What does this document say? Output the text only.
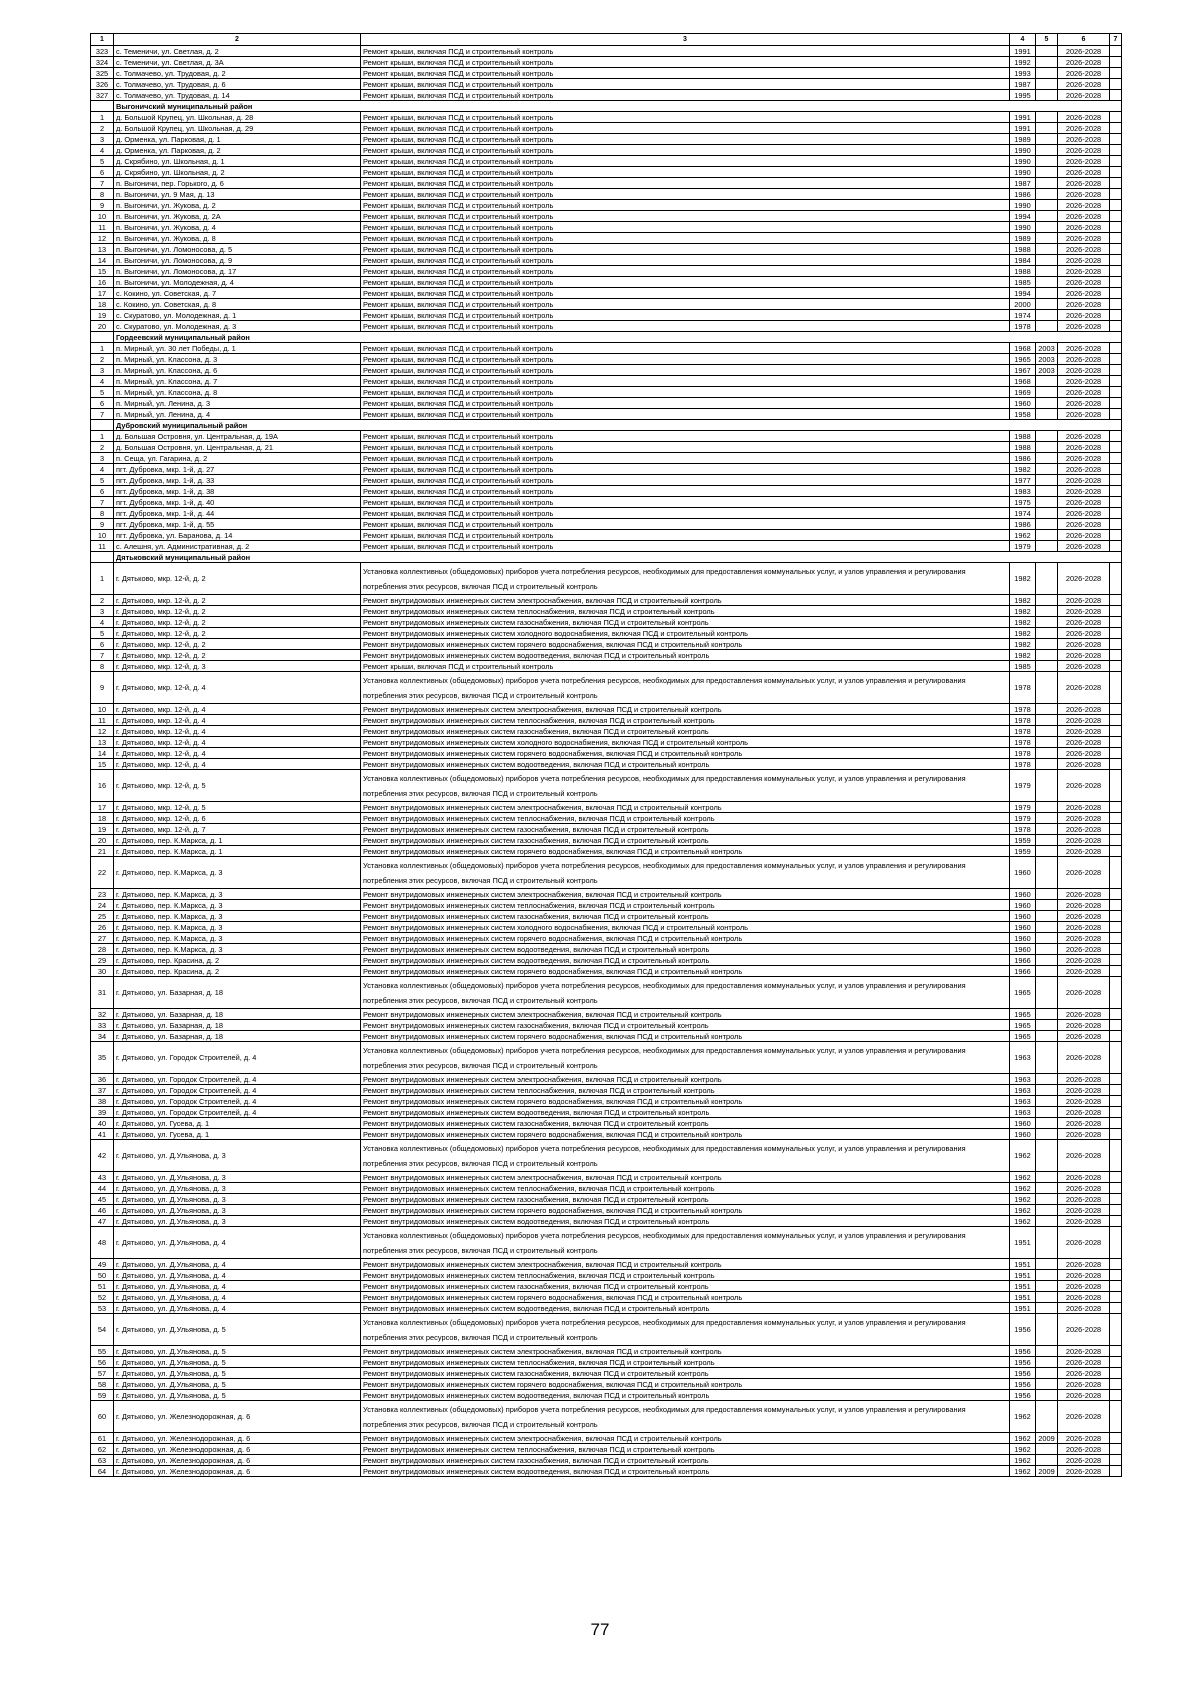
1	2	3	4	5	6	7
323	с. Теменичи, ул. Светлая, д. 2	Ремонт крыши, включая ПСД и строительный контроль	1991		2026-2028	
324	с. Теменичи, ул. Светлая, д. 3А	Ремонт крыши, включая ПСД и строительный контроль	1992		2026-2028	
325	с. Толмачево, ул. Трудовая, д. 2	Ремонт крыши, включая ПСД и строительный контроль	1993		2026-2028	
326	с. Толмачево, ул. Трудовая, д. 6	Ремонт крыши, включая ПСД и строительный контроль	1987		2026-2028	
327	с. Толмачево, ул. Трудовая, д. 14	Ремонт крыши, включая ПСД и строительный контроль	1995		2026-2028	
	Выгоничский муниципальный район					
1	д. Большой Крупец, ул. Школьная, д. 28	Ремонт крыши, включая ПСД и строительный контроль	1991		2026-2028	
2	д. Большой Крупец, ул. Школьная, д. 29	Ремонт крыши, включая ПСД и строительный контроль	1991		2026-2028	
3	д. Орменка, ул. Парковая, д. 1	Ремонт крыши, включая ПСД и строительный контроль	1989		2026-2028	
4	д. Орменка, ул. Парковая, д. 2	Ремонт крыши, включая ПСД и строительный контроль	1990		2026-2028	
5	д. Скрябино, ул. Школьная, д. 1	Ремонт крыши, включая ПСД и строительный контроль	1990		2026-2028	
6	д. Скрябино, ул. Школьная, д. 2	Ремонт крыши, включая ПСД и строительный контроль	1990		2026-2028	
7	п. Выгоничи, пер. Горького, д. 6	Ремонт крыши, включая ПСД и строительный контроль	1987		2026-2028	
8	п. Выгоничи, ул. 9 Мая, д. 13	Ремонт крыши, включая ПСД и строительный контроль	1986		2026-2028	
9	п. Выгоничи, ул. Жукова, д. 2	Ремонт крыши, включая ПСД и строительный контроль	1990		2026-2028	
10	п. Выгоничи, ул. Жукова, д. 2А	Ремонт крыши, включая ПСД и строительный контроль	1994		2026-2028	
11	п. Выгоничи, ул. Жукова, д. 4	Ремонт крыши, включая ПСД и строительный контроль	1990		2026-2028	
12	п. Выгоничи, ул. Жукова, д. 8	Ремонт крыши, включая ПСД и строительный контроль	1989		2026-2028	
13	п. Выгоничи, ул. Ломоносова, д. 5	Ремонт крыши, включая ПСД и строительный контроль	1988		2026-2028	
14	п. Выгоничи, ул. Ломоносова, д. 9	Ремонт крыши, включая ПСД и строительный контроль	1984		2026-2028	
15	п. Выгоничи, ул. Ломоносова, д. 17	Ремонт крыши, включая ПСД и строительный контроль	1988		2026-2028	
16	п. Выгоничи, ул. Молодежная, д. 4	Ремонт крыши, включая ПСД и строительный контроль	1985		2026-2028	
17	с. Кокино, ул. Советская, д. 7	Ремонт крыши, включая ПСД и строительный контроль	1994		2026-2028	
18	с. Кокино, ул. Советская, д. 8	Ремонт крыши, включая ПСД и строительный контроль	2000		2026-2028	
19	с. Скуратово, ул. Молодежная, д. 1	Ремонт крыши, включая ПСД и строительный контроль	1974		2026-2028	
20	с. Скуратово, ул. Молодежная, д. 3	Ремонт крыши, включая ПСД и строительный контроль	1978		2026-2028	
	Гордеевский муниципальный район					
1	п. Мирный, ул. 30 лет Победы, д. 1	Ремонт крыши, включая ПСД и строительный контроль	1968	2003	2026-2028	
2	п. Мирный, ул. Классона, д. 3	Ремонт крыши, включая ПСД и строительный контроль	1965	2003	2026-2028	
3	п. Мирный, ул. Классона, д. 6	Ремонт крыши, включая ПСД и строительный контроль	1967	2003	2026-2028	
4	п. Мирный, ул. Классона, д. 7	Ремонт крыши, включая ПСД и строительный контроль	1968		2026-2028	
5	п. Мирный, ул. Классона, д. 8	Ремонт крыши, включая ПСД и строительный контроль	1969		2026-2028	
6	п. Мирный, ул. Ленина, д. 3	Ремонт крыши, включая ПСД и строительный контроль	1960		2026-2028	
7	п. Мирный, ул. Ленина, д. 4	Ремонт крыши, включая ПСД и строительный контроль	1958		2026-2028	
	Дубровский муниципальный район					
1	д. Большая Островня, ул. Центральная, д. 19А	Ремонт крыши, включая ПСД и строительный контроль	1988		2026-2028	
2	д. Большая Островня, ул. Центральная, д. 21	Ремонт крыши, включая ПСД и строительный контроль	1988		2026-2028	
3	п. Сеща, ул. Гагарина, д. 2	Ремонт крыши, включая ПСД и строительный контроль	1986		2026-2028	
4	пгт. Дубровка, мкр. 1-й, д. 27	Ремонт крыши, включая ПСД и строительный контроль	1982		2026-2028	
5	пгт. Дубровка, мкр. 1-й, д. 33	Ремонт крыши, включая ПСД и строительный контроль	1977		2026-2028	
6	пгт. Дубровка, мкр. 1-й, д. 38	Ремонт крыши, включая ПСД и строительный контроль	1983		2026-2028	
7	пгт. Дубровка, мкр. 1-й, д. 40	Ремонт крыши, включая ПСД и строительный контроль	1975		2026-2028	
8	пгт. Дубровка, мкр. 1-й, д. 44	Ремонт крыши, включая ПСД и строительный контроль	1974		2026-2028	
9	пгт. Дубровка, мкр. 1-й, д. 55	Ремонт крыши, включая ПСД и строительный контроль	1986		2026-2028	
10	пгт. Дубровка, ул. Баранова, д. 14	Ремонт крыши, включая ПСД и строительный контроль	1962		2026-2028	
11	с. Алешня, ул. Административная, д. 2	Ремонт крыши, включая ПСД и строительный контроль	1979		2026-2028	
	Дятьковский муниципальный район					
1	г. Дятьково, мкр. 12-й, д. 2	Установка коллективных (общедомовых) приборов учета потребления ресурсов, необходимых для предоставления коммунальных услуг, и узлов управления и регулирования потребления этих ресурсов, включая ПСД и строительный контроль	1982		2026-2028	
2	г. Дятьково, мкр. 12-й, д. 2	Ремонт внутридомовых инженерных систем электроснабжения, включая ПСД и строительный контроль	1982		2026-2028	
3	г. Дятьково, мкр. 12-й, д. 2	Ремонт внутридомовых инженерных систем теплоснабжения, включая ПСД и строительный контроль	1982		2026-2028	
4	г. Дятьково, мкр. 12-й, д. 2	Ремонт внутридомовых инженерных систем газоснабжения, включая ПСД и строительный контроль	1982		2026-2028	
5	г. Дятьково, мкр. 12-й, д. 2	Ремонт внутридомовых инженерных систем холодного водоснабжения, включая ПСД и строительный контроль	1982		2026-2028	
6	г. Дятьково, мкр. 12-й, д. 2	Ремонт внутридомовых инженерных систем горячего водоснабжения, включая ПСД и строительный контроль	1982		2026-2028	
7	г. Дятьково, мкр. 12-й, д. 2	Ремонт внутридомовых инженерных систем водоотведения, включая ПСД и строительный контроль	1982		2026-2028	
8	г. Дятьково, мкр. 12-й, д. 3	Ремонт крыши, включая ПСД и строительный контроль	1985		2026-2028	
9	г. Дятьково, мкр. 12-й, д. 4	Установка коллективных (общедомовых) приборов учета потребления ресурсов, необходимых для предоставления коммунальных услуг, и узлов управления и регулирования потребления этих ресурсов, включая ПСД и строительный контроль	1978		2026-2028	
10	г. Дятьково, мкр. 12-й, д. 4	Ремонт внутридомовых инженерных систем электроснабжения, включая ПСД и строительный контроль	1978		2026-2028	
11	г. Дятьково, мкр. 12-й, д. 4	Ремонт внутридомовых инженерных систем теплоснабжения, включая ПСД и строительный контроль	1978		2026-2028	
12	г. Дятьково, мкр. 12-й, д. 4	Ремонт внутридомовых инженерных систем газоснабжения, включая ПСД и строительный контроль	1978		2026-2028	
13	г. Дятьково, мкр. 12-й, д. 4	Ремонт внутридомовых инженерных систем холодного водоснабжения, включая ПСД и строительный контроль	1978		2026-2028	
14	г. Дятьково, мкр. 12-й, д. 4	Ремонт внутридомовых инженерных систем горячего водоснабжения, включая ПСД и строительный контроль	1978		2026-2028	
15	г. Дятьково, мкр. 12-й, д. 4	Ремонт внутридомовых инженерных систем водоотведения, включая ПСД и строительный контроль	1978		2026-2028	
16	г. Дятьково, мкр. 12-й, д. 5	Установка коллективных (общедомовых) приборов учета потребления ресурсов, необходимых для предоставления коммунальных услуг, и узлов управления и регулирования потребления этих ресурсов, включая ПСД и строительный контроль	1979		2026-2028	
17	г. Дятьково, мкр. 12-й, д. 5	Ремонт внутридомовых инженерных систем электроснабжения, включая ПСД и строительный контроль	1979		2026-2028	
18	г. Дятьково, мкр. 12-й, д. 6	Ремонт внутридомовых инженерных систем теплоснабжения, включая ПСД и строительный контроль	1979		2026-2028	
19	г. Дятьково, мкр. 12-й, д. 7	Ремонт внутридомовых инженерных систем газоснабжения, включая ПСД и строительный контроль	1978		2026-2028	
20	г. Дятьково, пер. К.Маркса, д. 1	Ремонт внутридомовых инженерных систем газоснабжения, включая ПСД и строительный контроль	1959		2026-2028	
21	г. Дятьково, пер. К.Маркса, д. 1	Ремонт внутридомовых инженерных систем горячего водоснабжения, включая ПСД и строительный контроль	1959		2026-2028	
22	г. Дятьково, пер. К.Маркса, д. 3	Установка коллективных (общедомовых) приборов учета потребления ресурсов, необходимых для предоставления коммунальных услуг, и узлов управления и регулирования потребления этих ресурсов, включая ПСД и строительный контроль	1960		2026-2028	
23	г. Дятьково, пер. К.Маркса, д. 3	Ремонт внутридомовых инженерных систем электроснабжения, включая ПСД и строительный контроль	1960		2026-2028	
24	г. Дятьково, пер. К.Маркса, д. 3	Ремонт внутридомовых инженерных систем теплоснабжения, включая ПСД и строительный контроль	1960		2026-2028	
25	г. Дятьково, пер. К.Маркса, д. 3	Ремонт внутридомовых инженерных систем газоснабжения, включая ПСД и строительный контроль	1960		2026-2028	
26	г. Дятьково, пер. К.Маркса, д. 3	Ремонт внутридомовых инженерных систем холодного водоснабжения, включая ПСД и строительный контроль	1960		2026-2028	
27	г. Дятьково, пер. К.Маркса, д. 3	Ремонт внутридомовых инженерных систем горячего водоснабжения, включая ПСД и строительный контроль	1960		2026-2028	
28	г. Дятьково, пер. К.Маркса, д. 3	Ремонт внутридомовых инженерных систем водоотведения, включая ПСД и строительный контроль	1960		2026-2028	
29	г. Дятьково, пер. Красина, д. 2	Ремонт внутридомовых инженерных систем водоотведения, включая ПСД и строительный контроль	1966		2026-2028	
30	г. Дятьково, пер. Красина, д. 2	Ремонт внутридомовых инженерных систем горячего водоснабжения, включая ПСД и строительный контроль	1966		2026-2028	
31	г. Дятьково, ул. Базарная, д. 18	Установка коллективных (общедомовых) приборов учета потребления ресурсов, необходимых для предоставления коммунальных услуг, и узлов управления и регулирования потребления этих ресурсов, включая ПСД и строительный контроль	1965		2026-2028	
32	г. Дятьково, ул. Базарная, д. 18	Ремонт внутридомовых инженерных систем электроснабжения, включая ПСД и строительный контроль	1965		2026-2028	
33	г. Дятьково, ул. Базарная, д. 18	Ремонт внутридомовых инженерных систем газоснабжения, включая ПСД и строительный контроль	1965		2026-2028	
34	г. Дятьково, ул. Базарная, д. 18	Ремонт внутридомовых инженерных систем горячего водоснабжения, включая ПСД и строительный контроль	1965		2026-2028	
35	г. Дятьково, ул. Городок Строителей, д. 4	Установка коллективных (общедомовых) приборов учета потребления ресурсов, необходимых для предоставления коммунальных услуг, и узлов управления и регулирования потребления этих ресурсов, включая ПСД и строительный контроль	1963		2026-2028	
36	г. Дятьково, ул. Городок Строителей, д. 4	Ремонт внутридомовых инженерных систем электроснабжения, включая ПСД и строительный контроль	1963		2026-2028	
37	г. Дятьково, ул. Городок Строителей, д. 4	Ремонт внутридомовых инженерных систем теплоснабжения, включая ПСД и строительный контроль	1963		2026-2028	
38	г. Дятьково, ул. Городок Строителей, д. 4	Ремонт внутридомовых инженерных систем горячего водоснабжения, включая ПСД и строительный контроль	1963		2026-2028	
39	г. Дятьково, ул. Городок Строителей, д. 4	Ремонт внутридомовых инженерных систем водоотведения, включая ПСД и строительный контроль	1963		2026-2028	
40	г. Дятьково, ул. Гусева, д. 1	Ремонт внутридомовых инженерных систем газоснабжения, включая ПСД и строительный контроль	1960		2026-2028	
41	г. Дятьково, ул. Гусева, д. 1	Ремонт внутридомовых инженерных систем горячего водоснабжения, включая ПСД и строительный контроль	1960		2026-2028	
42	г. Дятьково, ул. Д.Ульянова, д. 3	Установка коллективных (общедомовых) приборов учета потребления ресурсов, необходимых для предоставления коммунальных услуг, и узлов управления и регулирования потребления этих ресурсов, включая ПСД и строительный контроль	1962		2026-2028	
43	г. Дятьково, ул. Д.Ульянова, д. 3	Ремонт внутридомовых инженерных систем электроснабжения, включая ПСД и строительный контроль	1962		2026-2028	
44	г. Дятьково, ул. Д.Ульянова, д. 3	Ремонт внутридомовых инженерных систем теплоснабжения, включая ПСД и строительный контроль	1962		2026-2028	
45	г. Дятьково, ул. Д.Ульянова, д. 3	Ремонт внутридомовых инженерных систем газоснабжения, включая ПСД и строительный контроль	1962		2026-2028	
46	г. Дятьково, ул. Д.Ульянова, д. 3	Ремонт внутридомовых инженерных систем горячего водоснабжения, включая ПСД и строительный контроль	1962		2026-2028	
47	г. Дятьково, ул. Д.Ульянова, д. 3	Ремонт внутридомовых инженерных систем водоотведения, включая ПСД и строительный контроль	1962		2026-2028	
48	г. Дятьково, ул. Д.Ульянова, д. 4	Установка коллективных (общедомовых) приборов учета потребления ресурсов, необходимых для предоставления коммунальных услуг, и узлов управления и регулирования потребления этих ресурсов, включая ПСД и строительный контроль	1951		2026-2028	
49	г. Дятьково, ул. Д.Ульянова, д. 4	Ремонт внутридомовых инженерных систем электроснабжения, включая ПСД и строительный контроль	1951		2026-2028	
50	г. Дятьково, ул. Д.Ульянова, д. 4	Ремонт внутридомовых инженерных систем теплоснабжения, включая ПСД и строительный контроль	1951		2026-2028	
51	г. Дятьково, ул. Д.Ульянова, д. 4	Ремонт внутридомовых инженерных систем газоснабжения, включая ПСД и строительный контроль	1951		2026-2028	
52	г. Дятьково, ул. Д.Ульянова, д. 4	Ремонт внутридомовых инженерных систем горячего водоснабжения, включая ПСД и строительный контроль	1951		2026-2028	
53	г. Дятьково, ул. Д.Ульянова, д. 4	Ремонт внутридомовых инженерных систем водоотведения, включая ПСД и строительный контроль	1951		2026-2028	
54	г. Дятьково, ул. Д.Ульянова, д. 5	Установка коллективных (общедомовых) приборов учета потребления ресурсов, необходимых для предоставления коммунальных услуг, и узлов управления и регулирования потребления этих ресурсов, включая ПСД и строительный контроль	1956		2026-2028	
55	г. Дятьково, ул. Д.Ульянова, д. 5	Ремонт внутридомовых инженерных систем электроснабжения, включая ПСД и строительный контроль	1956		2026-2028	
56	г. Дятьково, ул. Д.Ульянова, д. 5	Ремонт внутридомовых инженерных систем теплоснабжения, включая ПСД и строительный контроль	1956		2026-2028	
57	г. Дятьково, ул. Д.Ульянова, д. 5	Ремонт внутридомовых инженерных систем газоснабжения, включая ПСД и строительный контроль	1956		2026-2028	
58	г. Дятьково, ул. Д.Ульянова, д. 5	Ремонт внутридомовых инженерных систем горячего водоснабжения, включая ПСД и строительный контроль	1956		2026-2028	
59	г. Дятьково, ул. Д.Ульянова, д. 5	Ремонт внутридомовых инженерных систем водоотведения, включая ПСД и строительный контроль	1956		2026-2028	
60	г. Дятьково, ул. Железнодорожная, д. 6	Установка коллективных (общедомовых) приборов учета потребления ресурсов, необходимых для предоставления коммунальных услуг, и узлов управления и регулирования потребления этих ресурсов, включая ПСД и строительный контроль	1962		2026-2028	
61	г. Дятьково, ул. Железнодорожная, д. 6	Ремонт внутридомовых инженерных систем электроснабжения, включая ПСД и строительный контроль	1962	2009	2026-2028	
62	г. Дятьково, ул. Железнодорожная, д. 6	Ремонт внутридомовых инженерных систем теплоснабжения, включая ПСД и строительный контроль	1962		2026-2028	
63	г. Дятьково, ул. Железнодорожная, д. 6	Ремонт внутридомовых инженерных систем газоснабжения, включая ПСД и строительный контроль	1962		2026-2028	
64	г. Дятьково, ул. Железнодорожная, д. 6	Ремонт внутридомовых инженерных систем водоотведения, включая ПСД и строительный контроль	1962	2009	2026-2028	
77
